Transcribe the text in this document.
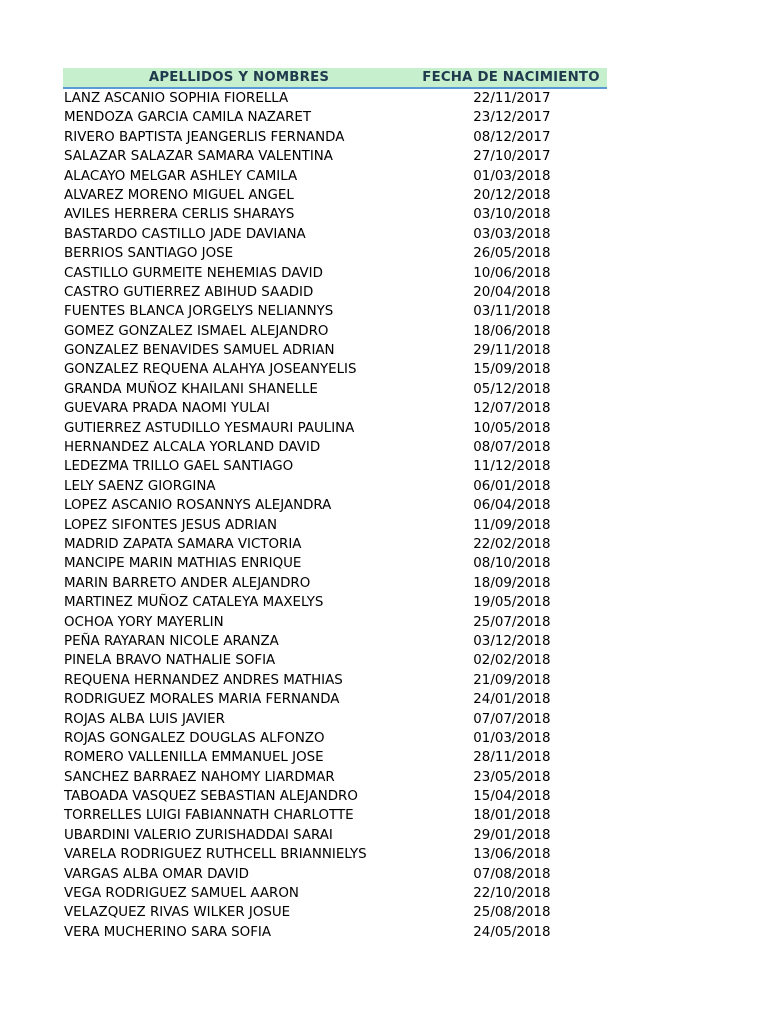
APELLIDOS Y NOMBRES	FECHA DE NACIMIENTO
LANZ ASCANIO SOPHIA FIORELLA	22/11/2017
MENDOZA GARCIA CAMILA NAZARET	23/12/2017
RIVERO BAPTISTA JEANGERLIS FERNANDA	08/12/2017
SALAZAR SALAZAR SAMARA VALENTINA	27/10/2017
ALACAYO MELGAR ASHLEY CAMILA	01/03/2018
ALVAREZ MORENO MIGUEL ANGEL	20/12/2018
AVILES HERRERA CERLIS SHARAYS	03/10/2018
BASTARDO CASTILLO JADE DAVIANA	03/03/2018
BERRIOS SANTIAGO JOSE	26/05/2018
CASTILLO GURMEITE NEHEMIAS DAVID	10/06/2018
CASTRO GUTIERREZ ABIHUD SAADID	20/04/2018
FUENTES BLANCA JORGELYS NELIANNYS	03/11/2018
GOMEZ GONZALEZ ISMAEL ALEJANDRO	18/06/2018
GONZALEZ BENAVIDES SAMUEL ADRIAN	29/11/2018
GONZALEZ REQUENA ALAHYA JOSEANYELIS	15/09/2018
GRANDA MUÑOZ KHAILANI SHANELLE	05/12/2018
GUEVARA PRADA NAOMI YULAI	12/07/2018
GUTIERREZ ASTUDILLO YESMAURI PAULINA	10/05/2018
HERNANDEZ ALCALA YORLAND DAVID	08/07/2018
LEDEZMA TRILLO GAEL SANTIAGO	11/12/2018
LELY SAENZ GIORGINA	06/01/2018
LOPEZ ASCANIO ROSANNYS ALEJANDRA	06/04/2018
LOPEZ SIFONTES JESUS ADRIAN	11/09/2018
MADRID ZAPATA SAMARA VICTORIA	22/02/2018
MANCIPE MARIN MATHIAS ENRIQUE	08/10/2018
MARIN BARRETO ANDER ALEJANDRO	18/09/2018
MARTINEZ MUÑOZ CATALEYA MAXELYS	19/05/2018
OCHOA YORY MAYERLIN	25/07/2018
PEÑA RAYARAN NICOLE ARANZA	03/12/2018
PINELA BRAVO NATHALIE SOFIA	02/02/2018
REQUENA HERNANDEZ ANDRES MATHIAS	21/09/2018
RODRIGUEZ MORALES MARIA FERNANDA	24/01/2018
ROJAS ALBA LUIS JAVIER	07/07/2018
ROJAS GONGALEZ DOUGLAS ALFONZO	01/03/2018
ROMERO VALLENILLA EMMANUEL JOSE	28/11/2018
SANCHEZ BARRAEZ NAHOMY LIARDMAR	23/05/2018
TABOADA VASQUEZ SEBASTIAN ALEJANDRO	15/04/2018
TORRELLES LUIGI FABIANNATH CHARLOTTE	18/01/2018
UBARDINI VALERIO ZURISHADDAI SARAI	29/01/2018
VARELA RODRIGUEZ RUTHCELL BRIANNIELYS	13/06/2018
VARGAS ALBA OMAR DAVID	07/08/2018
VEGA RODRIGUEZ SAMUEL AARON	22/10/2018
VELAZQUEZ RIVAS WILKER JOSUE	25/08/2018
VERA MUCHERINO SARA SOFIA	24/05/2018
